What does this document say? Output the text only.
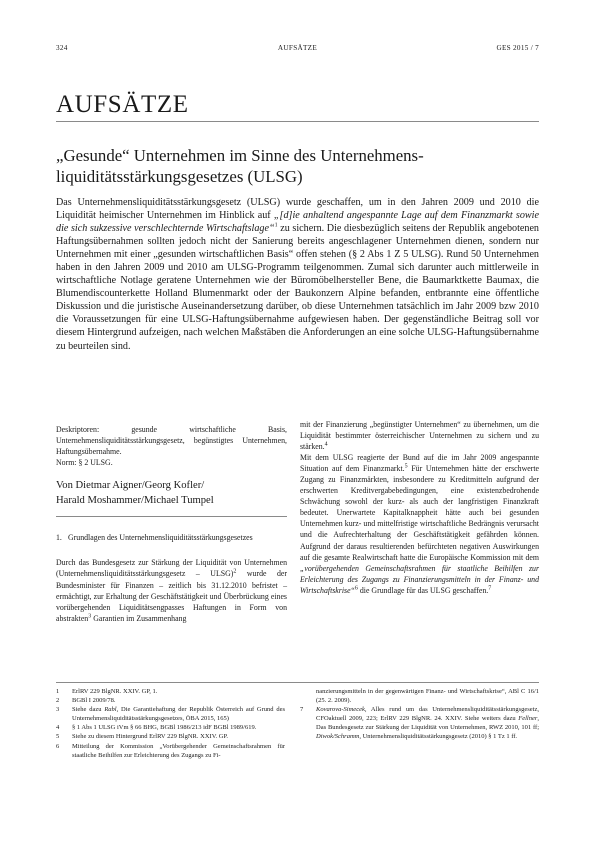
324	AUFSÄTZE	GES 2015 / 7
AUFSÄTZE
„Gesunde“ Unternehmen im Sinne des Unternehmens-
liquiditätsstärkungsgesetzes (ULSG)
Das Unternehmensliquiditätsstärkungsgesetz (ULSG) wurde geschaffen, um in den Jahren 2009 und 2010 die Liquidität heimischer Unternehmen im Hinblick auf „[d]ie anhaltend angespannte Lage auf dem Finanzmarkt sowie die sich sukzessive verschlechternde Wirtschaftslage“$^1$ zu sichern. Die diesbezüglich seitens der Republik angebotenen Haftungsübernahmen sollten jedoch nicht der Sanierung bereits angeschlagener Unternehmen dienen, sondern nur Unternehmen mit einer „gesunden wirtschaftlichen Basis“ offen stehen (§ 2 Abs 1 Z 5 ULSG). Rund 50 Unternehmen haben in den Jahren 2009 und 2010 am ULSG-Programm teilgenommen. Zumal sich darunter auch mittlerweile in wirtschaftliche Notlage geratene Unternehmen wie der Büromöbelhersteller Bene, die Baumarktkette Baumax, die Blumendiscounterkette Holland Blumenmarkt oder der Baukonzern Alpine befanden, entbrannte eine öffentliche Diskussion und die juristische Auseinandersetzung darüber, ob diese Unternehmen tatsächlich im Jahr 2009 bzw 2010 die Voraussetzungen für eine ULSG-Haftungsübernahme aufgewiesen haben. Der gegenständliche Beitrag soll vor diesem Hintergrund aufzeigen, nach welchen Maßstäben die Anforderungen an eine solche ULSG-Haftungsübernahme zu beurteilen sind.

Deskriptoren: gesunde wirtschaftliche Basis, Unternehmensliquiditätsstärkungsgesetz, begünstigtes Unternehmen, Haftungsübernahme.

Norm: § 2 ULSG.

Von Dietmar Aigner/Georg Kofler/
Harald Moshammer/Michael Tumpel
1. Grundlagen des Unternehmensliquiditätsstärkungsgesetzes
Durch das Bundesgesetz zur Stärkung der Liquidität von Unternehmen (Unternehmensliquiditätsstärkungsgesetz – ULSG)$^2$ wurde der Bundesminister für Finanzen – zeitlich bis 31.12.2010 befristet – ermächtigt, zur Erhaltung der Geschäftstätigkeit und Überbrückung eines vorübergehenden Liquiditätsengpasses Haftungen in Form von abstrakten$^3$ Garantien im Zusammenhang

mit der Finanzierung „begünstigter Unternehmen“ zu übernehmen, um die Liquidität bestimmter österreichischer Unternehmen zu sichern und zu stärken.$^4$

Mit dem ULSG reagierte der Bund auf die im Jahr 2009 angespannte Situation auf dem Finanzmarkt.$^5$ Für Unternehmen hätte der erschwerte Zugang zu Finanzmärkten, insbesondere zu Kreditmitteln aufgrund der erschwerten Kreditvergabebedingungen, eine existenzbedrohende Schwächung sowohl der kurz- als auch der langfristigen Finanzkraft bedeutet. Unerwartete Kapitalknappheit hätte auch bei gesunden Unternehmen kurz- und mittelfristige wirtschaftliche Bedrängnis verursacht und die Aufrechterhaltung der Geschäftstätigkeit gefährden können. Aufgrund der daraus resultierenden befürchteten negativen Auswirkungen auf die gesamte Realwirtschaft hatte die Europäische Kommission mit dem „vorübergehenden Gemeinschaftsrahmen für staatliche Beihilfen zur Erleichterung des Zugangs zu Finanzierungsmitteln in der Finanz- und Wirtschaftskrise“$^6$ die Grundlage für das ULSG geschaffen.$^7$

1 ErlRV 229 BlgNR. XXIV. GP, 1.
2 BGBl I 2009/78.
3 Siehe dazu Rabl, Die Garantiehaftung der Republik Österreich auf Grund des Unternehmensliquiditätsstärkungsgesetzes, ÖBA 2015, 165)
4 § 1 Abs 1 ULSG iVm § 66 BHG, BGBl 1986/213 idF BGBl 1989/619.
5 Siehe zu diesem Hintergrund ErlRV 229 BlgNR. XXIV. GP.
6 Mitteilung der Kommission „Vorübergehender Gemeinschaftsrahmen für staatliche Beihilfen zur Erleichterung des Zugangs zu Fi-
nanzierungsmitteln in der gegenwärtigen Finanz- und Wirtschaftskrise“, ABl C 16/1 (25. 2. 2009).
7 Kovarova-Simecek, Alles rund um das Unternehmensliquiditätsstärkungsgesetz, CFOaktuell 2009, 223; ErlRV 229 BlgNR. 24. XXIV. Siehe weiters dazu Fellner, Das Bundesgesetz zur Stärkung der Liquidität von Unternehmen, RWZ 2010, 101 ff; Diwok/Schramm, Unternehmensliquiditätsstärkungsgesetz (2010) § 1 Tz 1 ff.
